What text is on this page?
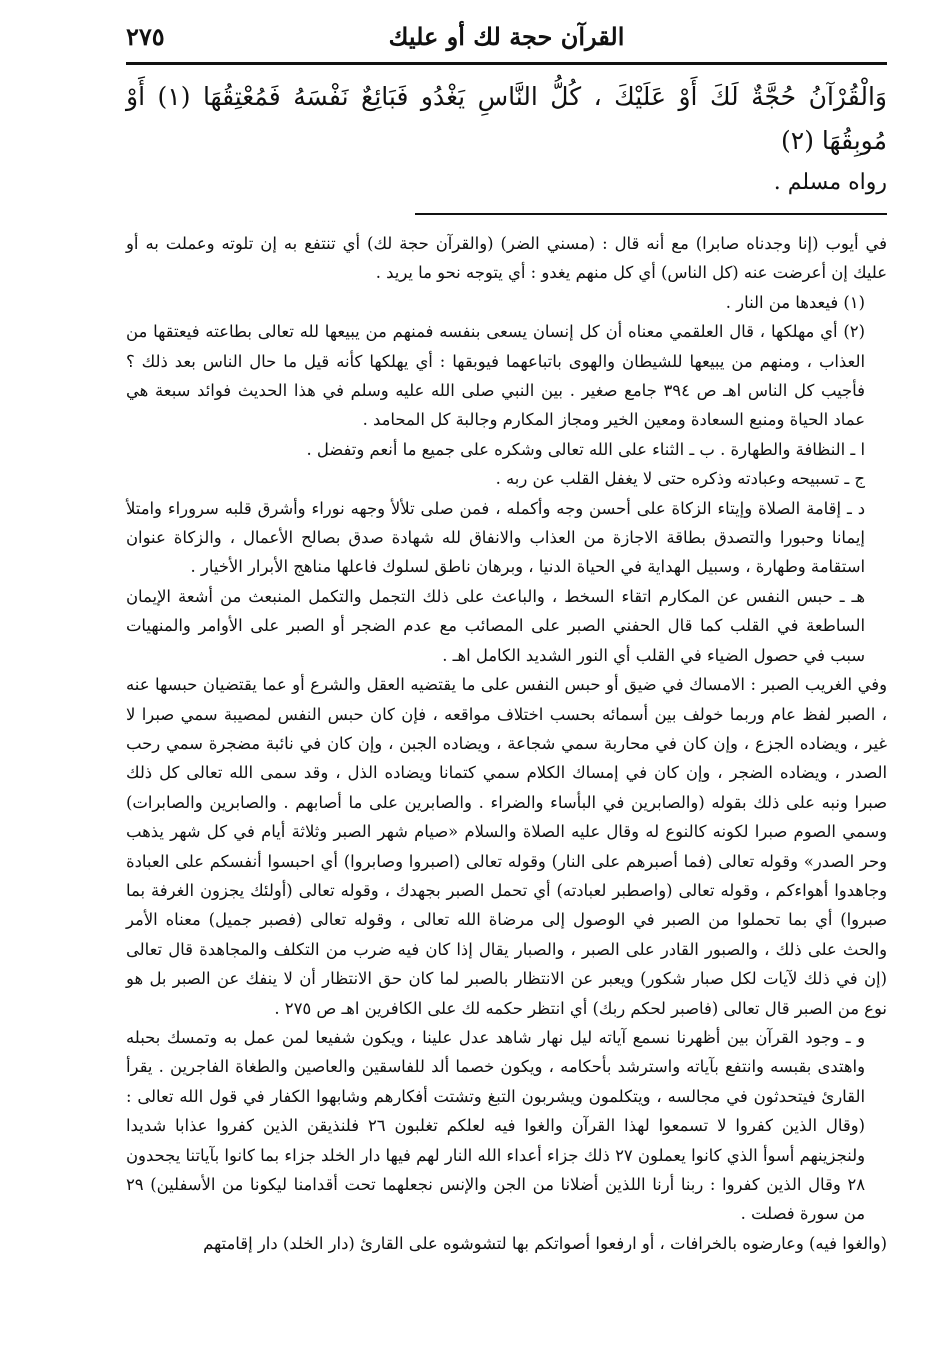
القرآن حجة لك أو عليك
٢٧٥

وَالْقُرْآنُ حُجَّةٌ لَكَ أَوْ عَلَيْكَ ، كُلُّ النَّاسِ يَغْدُو فَبَائِعٌ نَفْسَهُ فَمُعْتِقُهَا (١) أَوْ مُوبِقُهَا (٢)

رواه مسلم .

في أيوب (إنا وجدناه صابرا) مع أنه قال : (مسني الضر) (والقرآن حجة لك) أي تنتفع به إن تلوته وعملت به أو عليك إن أعرضت عنه (كل الناس) أي كل منهم يغدو : أي يتوجه نحو ما يريد .

(١) فيعدها من النار .

(٢) أي مهلكها ، قال العلقمي معناه أن كل إنسان يسعى بنفسه فمنهم من يبيعها لله تعالى بطاعته فيعتقها من العذاب ، ومنهم من يبيعها للشيطان والهوى باتباعهما فيوبقها : أي يهلكها كأنه قيل ما حال الناس بعد ذلك ؟ فأجيب كل الناس اهـ ص ٣٩٤ جامع صغير . بين النبي صلى الله عليه وسلم في هذا الحديث فوائد سبعة هي عماد الحياة ومنبع السعادة ومعين الخير ومجاز المكارم وجالبة كل المحامد .

ا ـ النظافة والطهارة . ب ـ الثناء على الله تعالى وشكره على جميع ما أنعم وتفضل .

ج ـ تسبيحه وعبادته وذكره حتى لا يغفل القلب عن ربه .

د ـ إقامة الصلاة وإيتاء الزكاة على أحسن وجه وأكمله ، فمن صلى تلألأ وجهه نوراء وأشرق قلبه سروراء وامتلأ إيمانا وحبورا والتصدق بطاقة الاجازة من العذاب والانفاق لله شهادة صدق بصالح الأعمال ، والزكاة عنوان استقامة وطهارة ، وسبيل الهداية في الحياة الدنيا ، وبرهان ناطق لسلوك فاعلها مناهج الأبرار الأخيار .

هـ ـ حبس النفس عن المكارم اتقاء السخط ، والباعث على ذلك التجمل والتكمل المنبعث من أشعة الإيمان الساطعة في القلب كما قال الحفني الصبر على المصائب مع عدم الضجر أو الصبر على الأوامر والمنهيات سبب في حصول الضياء في القلب أي النور الشديد الكامل اهـ .

وفي الغريب الصبر : الامساك في ضيق أو حبس النفس على ما يقتضيه العقل والشرع أو عما يقتضيان حبسها عنه ، الصبر لفظ عام وربما خولف بين أسمائه بحسب اختلاف مواقعه ، فإن كان حبس النفس لمصيبة سمي صبرا لا غير ، ويضاده الجزع ، وإن كان في محاربة سمي شجاعة ، ويضاده الجبن ، وإن كان في نائبة مضجرة سمي رحب الصدر ، ويضاده الضجر ، وإن كان في إمساك الكلام سمي كتمانا ويضاده الذل ، وقد سمى الله تعالى كل ذلك صبرا ونبه على ذلك بقوله (والصابرين في البأساء والضراء . والصابرين على ما أصابهم . والصابرين والصابرات) وسمي الصوم صبرا لكونه كالنوع له وقال عليه الصلاة والسلام «صيام شهر الصبر وثلاثة أيام في كل شهر يذهب وحر الصدر» وقوله تعالى (فما أصبرهم على النار) وقوله تعالى (اصبروا وصابروا) أي احبسوا أنفسكم على العبادة وجاهدوا أهواءكم ، وقوله تعالى (واصطبر لعبادته) أي تحمل الصبر بجهدك ، وقوله تعالى (أولئك يجزون الغرفة بما صبروا) أي بما تحملوا من الصبر في الوصول إلى مرضاة الله تعالى ، وقوله تعالى (فصبر جميل) معناه الأمر والحث على ذلك ، والصبور القادر على الصبر ، والصبار يقال إذا كان فيه ضرب من التكلف والمجاهدة قال تعالى (إن في ذلك لآيات لكل صبار شكور) ويعبر عن الانتظار بالصبر لما كان حق الانتظار أن لا ينفك عن الصبر بل هو نوع من الصبر قال تعالى (فاصبر لحكم ربك) أي انتظر حكمه لك على الكافرين اهـ ص ٢٧٥ .

و ـ وجود القرآن بين أظهرنا نسمع آياته ليل نهار شاهد عدل علينا ، ويكون شفيعا لمن عمل به وتمسك بحبله واهتدى بقبسه وانتفع بآياته واسترشد بأحكامه ، ويكون خصما ألد للفاسقين والعاصين والطغاة الفاجرين . يقرأ القارئ فيتحدثون في مجالسه ، ويتكلمون ويشربون التبغ وتشتت أفكارهم وشابهوا الكفار في قول الله تعالى : (وقال الذين كفروا لا تسمعوا لهذا القرآن والغوا فيه لعلكم تغلبون ٢٦ فلنذيقن الذين كفروا عذابا شديدا ولنجزينهم أسوأ الذي كانوا يعملون ٢٧ ذلك جزاء أعداء الله النار لهم فيها دار الخلد جزاء بما كانوا بآياتنا يجحدون ٢٨ وقال الذين كفروا : ربنا أرنا اللذين أضلانا من الجن والإنس نجعلهما تحت أقدامنا ليكونا من الأسفلين) ٢٩ من سورة فصلت .

(والغوا فيه) وعارضوه بالخرافات ، أو ارفعوا أصواتكم بها لتشوشوه على القارئ (دار الخلد) دار إقامتهم
